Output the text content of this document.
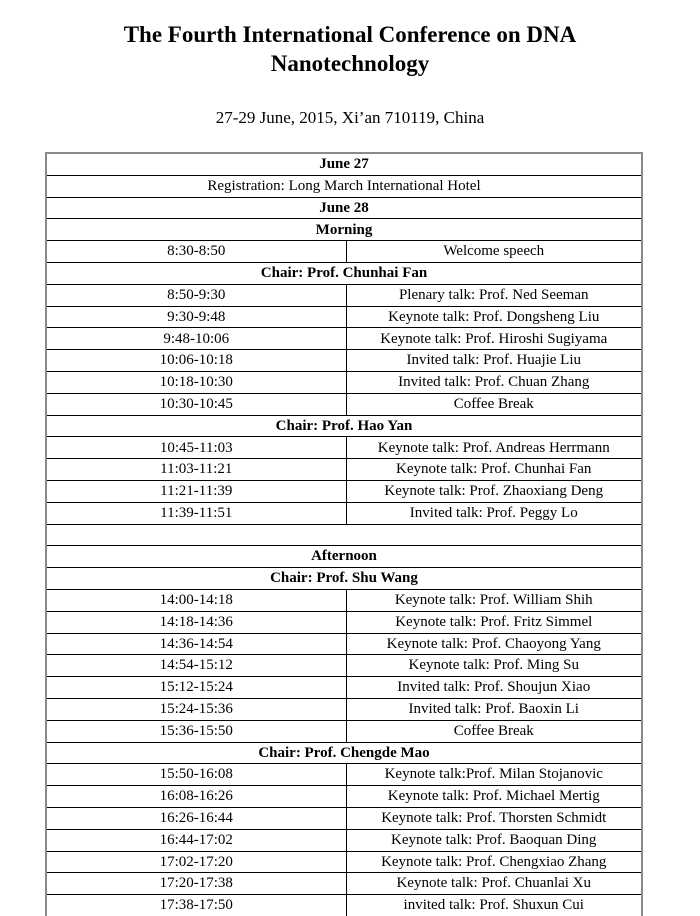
The Fourth International Conference on DNA Nanotechnology
27-29 June, 2015, Xi’an 710119, China
June 27	
Registration: Long March International Hotel	
June 28	
Morning	
8:30-8:50	Welcome speech
Chair: Prof. Chunhai Fan	
8:50-9:30	Plenary talk: Prof. Ned Seeman
9:30-9:48	Keynote talk: Prof. Dongsheng Liu
9:48-10:06	Keynote talk: Prof. Hiroshi Sugiyama
10:06-10:18	Invited talk: Prof. Huajie Liu
10:18-10:30	Invited talk: Prof. Chuan Zhang
10:30-10:45	Coffee Break
Chair: Prof. Hao Yan	
10:45-11:03	Keynote talk: Prof. Andreas Herrmann
11:03-11:21	Keynote talk: Prof. Chunhai Fan
11:21-11:39	Keynote talk: Prof. Zhaoxiang Deng
11:39-11:51	Invited talk: Prof. Peggy Lo

Afternoon	
Chair: Prof. Shu Wang	
14:00-14:18	Keynote talk: Prof. William Shih
14:18-14:36	Keynote talk: Prof. Fritz Simmel
14:36-14:54	Keynote talk: Prof. Chaoyong Yang
14:54-15:12	Keynote talk: Prof. Ming Su
15:12-15:24	Invited talk: Prof. Shoujun Xiao
15:24-15:36	Invited talk: Prof. Baoxin Li
15:36-15:50	Coffee Break
Chair: Prof. Chengde Mao	
15:50-16:08	Keynote talk:Prof. Milan Stojanovic
16:08-16:26	Keynote talk: Prof. Michael Mertig
16:26-16:44	Keynote talk: Prof. Thorsten Schmidt
16:44-17:02	Keynote talk: Prof. Baoquan Ding
17:02-17:20	Keynote talk: Prof. Chengxiao Zhang
17:20-17:38	Keynote talk: Prof. Chuanlai Xu
17:38-17:50	invited talk: Prof. Shuxun Cui
